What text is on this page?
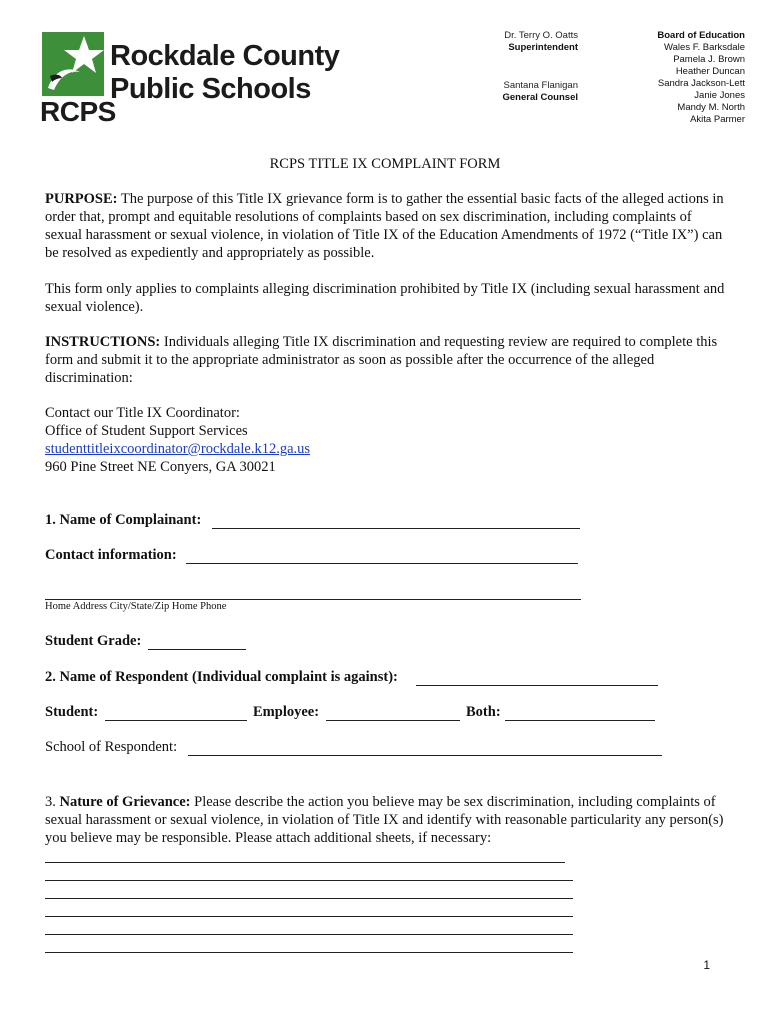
Rockdale County
Public Schools
RCPS
Dr. Terry O. Oatts
Superintendent
Santana Flanigan
General Counsel
Board of Education
Wales F. Barksdale
Pamela J. Brown
Heather Duncan
Sandra Jackson-Lett
Janie Jones
Mandy M. North
Akita Parmer
RCPS TITLE IX COMPLAINT FORM
PURPOSE: The purpose of this Title IX grievance form is to gather the essential basic facts of the alleged actions in order that, prompt and equitable resolutions of complaints based on sex discrimination, including complaints of sexual harassment or sexual violence, in violation of Title IX of the Education Amendments of 1972 (“Title IX”) can be resolved as expediently and appropriately as possible.
This form only applies to complaints alleging discrimination prohibited by Title IX (including sexual harassment and sexual violence).
INSTRUCTIONS: Individuals alleging Title IX discrimination and requesting review are required to complete this form and submit it to the appropriate administrator as soon as possible after the occurrence of the alleged discrimination:
Contact our Title IX Coordinator:
Office of Student Support Services
studenttitleixcoordinator@rockdale.k12.ga.us
960 Pine Street NE Conyers, GA 30021
1. Name of Complainant:
Contact information:
Home Address City/State/Zip Home Phone
Student Grade:
2. Name of Respondent (Individual complaint is against):
Student:	Employee:	Both:
School of Respondent:
3. Nature of Grievance: Please describe the action you believe may be sex discrimination, including complaints of sexual harassment or sexual violence, in violation of Title IX and identify with reasonable particularity any person(s) you believe may be responsible. Please attach additional sheets, if necessary:
1
